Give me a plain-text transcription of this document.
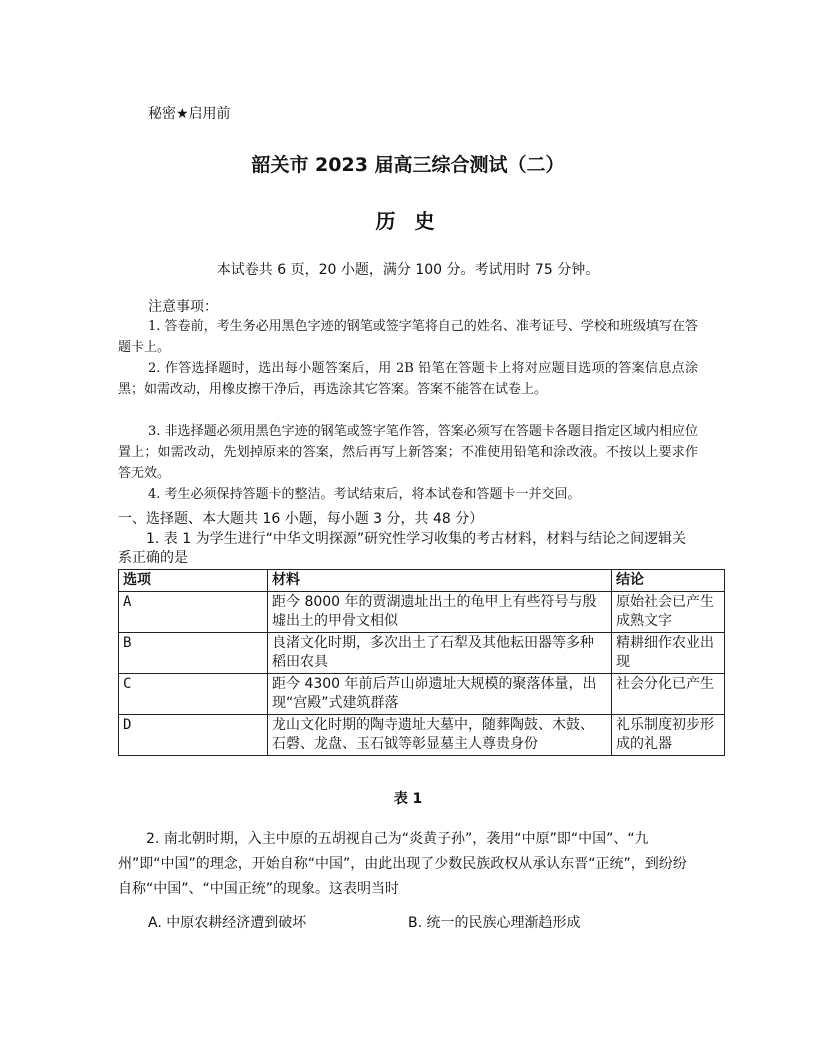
秘密★启用前
韶关市 2023 届高三综合测试（二）
历 史
本试卷共 6 页，20 小题，满分 100 分。考试用时 75 分钟。
注意事项：

1. 答卷前，考生务必用黑色字迹的钢笔或签字笔将自己的姓名、准考证号、学校和班级填写在答题卡上。

2. 作答选择题时，选出每小题答案后，用 2B 铅笔在答题卡上将对应题目选项的答案信息点涂黑；如需改动，用橡皮擦干净后，再选涂其它答案。答案不能答在试卷上。

3. 非选择题必须用黑色字迹的钢笔或签字笔作答，答案必须写在答题卡各题目指定区域内相应位置上；如需改动，先划掉原来的答案，然后再写上新答案；不准使用铅笔和涂改液。不按以上要求作答无效。

4. 考生必须保持答题卡的整洁。考试结束后，将本试卷和答题卡一并交回。

一、选择题、本大题共 16 小题，每小题 3 分，共 48 分）

1. 表 1 为学生进行“中华文明探源”研究性学习收集的考古材料，材料与结论之间逻辑关系正确的是

选项	材料	结论
A	距今 8000 年的贾湖遗址出土的龟甲上有些符号与殷墟出土的甲骨文相似	原始社会已产生成熟文字
B	良渚文化时期，多次出土了石犁及其他耘田器等多种稻田农具	精耕细作农业出现
C	距今 4300 年前后芦山峁遗址大规模的聚落体量，出现“宫殿”式建筑群落	社会分化已产生
D	龙山文化时期的陶寺遗址大墓中，随葬陶鼓、木鼓、石磬、龙盘、玉石钺等彰显墓主人尊贵身份	礼乐制度初步形成的礼器
表 1

2. 南北朝时期，入主中原的五胡视自己为“炎黄子孙”，袭用“中原”即“中国”、“九州”即“中国”的理念，开始自称“中国”，由此出现了少数民族政权从承认东晋“正统”，到纷纷自称“中国”、“中国正统”的现象。这表明当时

A. 中原农耕经济遭到破坏	B. 统一的民族心理渐趋形成
